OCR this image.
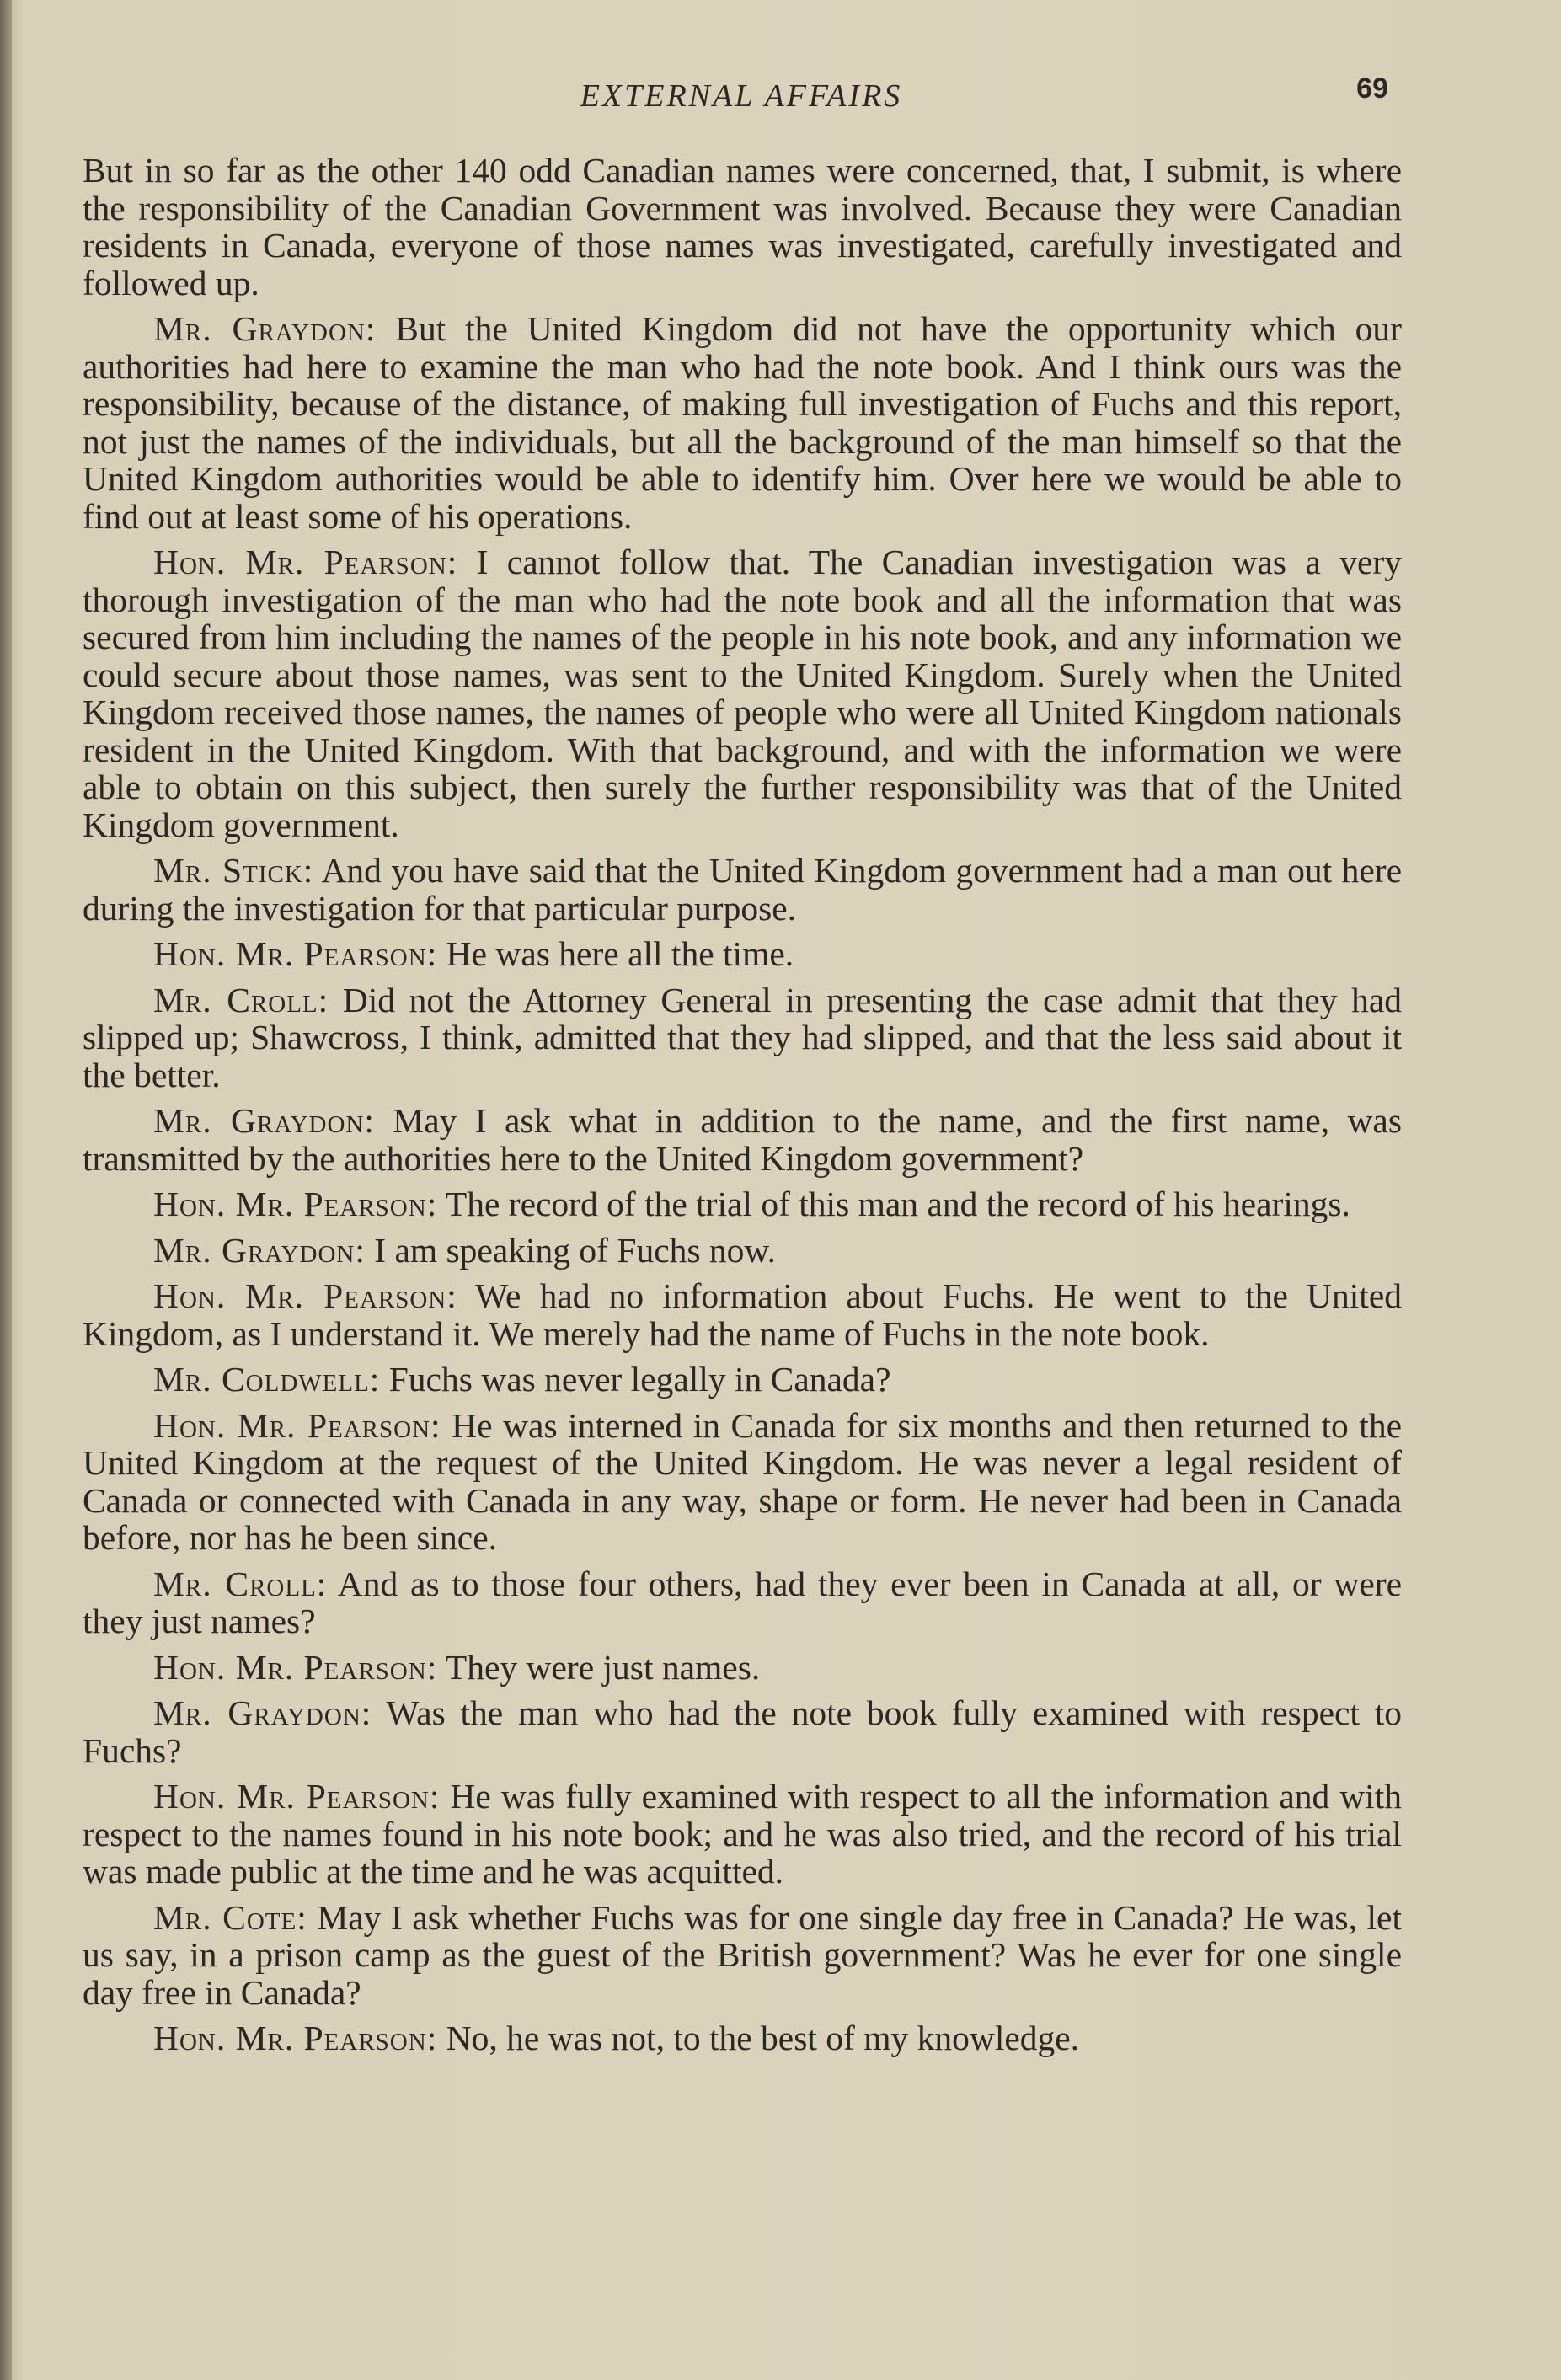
EXTERNAL AFFAIRS	69

But in so far as the other 140 odd Canadian names were concerned, that, I submit, is where the responsibility of the Canadian Government was involved. Because they were Canadian residents in Canada, everyone of those names was investigated, carefully investigated and followed up.

Mr. Graydon: But the United Kingdom did not have the opportunity which our authorities had here to examine the man who had the note book. And I think ours was the responsibility, because of the distance, of making full investigation of Fuchs and this report, not just the names of the individuals, but all the background of the man himself so that the United Kingdom authorities would be able to identify him. Over here we would be able to find out at least some of his operations.

Hon. Mr. Pearson: I cannot follow that. The Canadian investigation was a very thorough investigation of the man who had the note book and all the information that was secured from him including the names of the people in his note book, and any information we could secure about those names, was sent to the United Kingdom. Surely when the United Kingdom received those names, the names of people who were all United Kingdom nationals resident in the United Kingdom. With that background, and with the information we were able to obtain on this subject, then surely the further responsibility was that of the United Kingdom government.

Mr. Stick: And you have said that the United Kingdom government had a man out here during the investigation for that particular purpose.

Hon. Mr. Pearson: He was here all the time.

Mr. Croll: Did not the Attorney General in presenting the case admit that they had slipped up; Shawcross, I think, admitted that they had slipped, and that the less said about it the better.

Mr. Graydon: May I ask what in addition to the name, and the first name, was transmitted by the authorities here to the United Kingdom government?

Hon. Mr. Pearson: The record of the trial of this man and the record of his hearings.

Mr. Graydon: I am speaking of Fuchs now.

Hon. Mr. Pearson: We had no information about Fuchs. He went to the United Kingdom, as I understand it. We merely had the name of Fuchs in the note book.

Mr. Coldwell: Fuchs was never legally in Canada?

Hon. Mr. Pearson: He was interned in Canada for six months and then returned to the United Kingdom at the request of the United Kingdom. He was never a legal resident of Canada or connected with Canada in any way, shape or form. He never had been in Canada before, nor has he been since.

Mr. Croll: And as to those four others, had they ever been in Canada at all, or were they just names?

Hon. Mr. Pearson: They were just names.

Mr. Graydon: Was the man who had the note book fully examined with respect to Fuchs?

Hon. Mr. Pearson: He was fully examined with respect to all the information and with respect to the names found in his note book; and he was also tried, and the record of his trial was made public at the time and he was acquitted.

Mr. Cote: May I ask whether Fuchs was for one single day free in Canada? He was, let us say, in a prison camp as the guest of the British government? Was he ever for one single day free in Canada?

Hon. Mr. Pearson: No, he was not, to the best of my knowledge.
